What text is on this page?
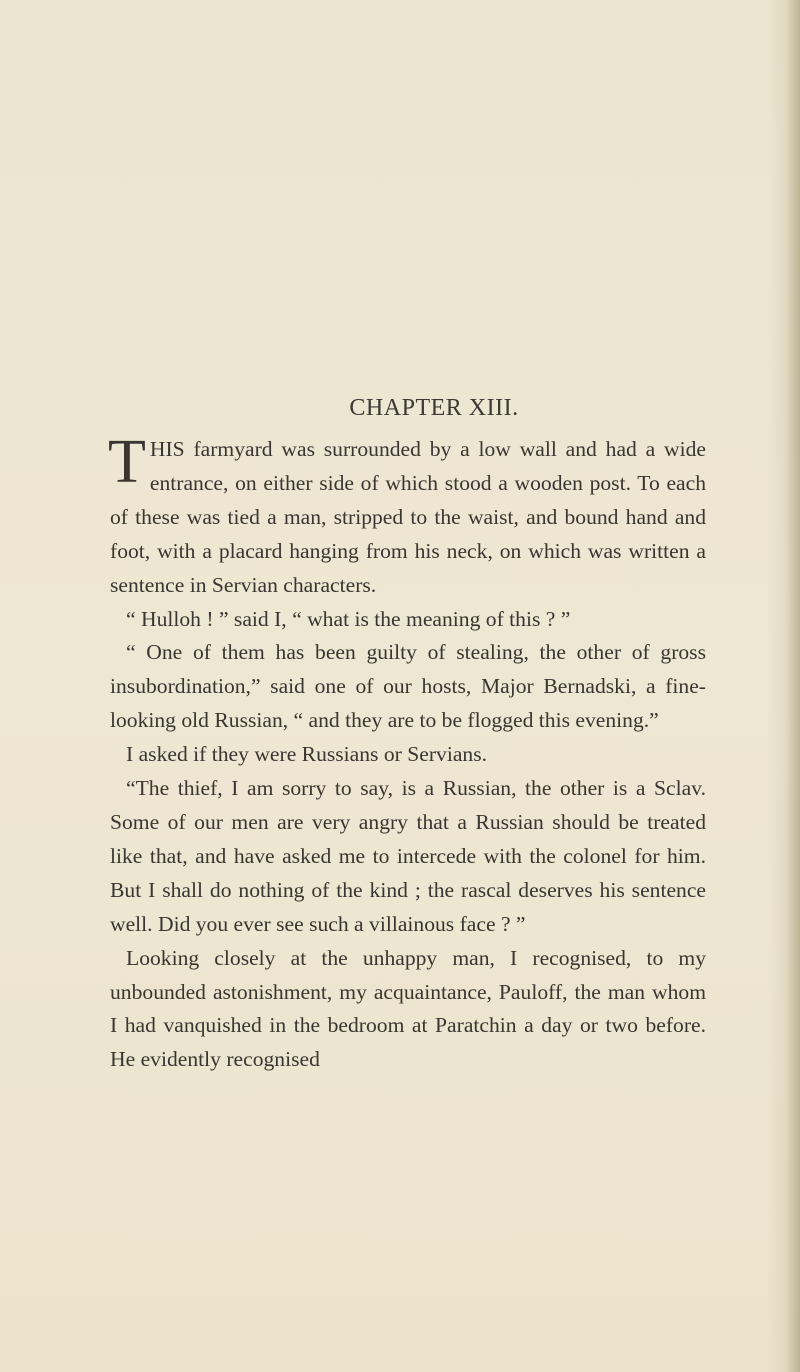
CHAPTER XIII.

THIS farmyard was surrounded by a low wall and had a wide entrance, on either side of which stood a wooden post. To each of these was tied a man, stripped to the waist, and bound hand and foot, with a placard hanging from his neck, on which was written a sentence in Servian characters.

“ Hulloh ! ” said I, “ what is the meaning of this ? ”

“ One of them has been guilty of stealing, the other of gross insubordination,” said one of our hosts, Major Bernadski, a fine-looking old Russian, “ and they are to be flogged this evening.”

I asked if they were Russians or Servians.

“The thief, I am sorry to say, is a Russian, the other is a Sclav. Some of our men are very angry that a Russian should be treated like that, and have asked me to intercede with the colonel for him. But I shall do nothing of the kind ; the rascal deserves his sentence well. Did you ever see such a villainous face ? ”

Looking closely at the unhappy man, I recognised, to my unbounded astonishment, my acquaintance, Pauloff, the man whom I had vanquished in the bedroom at Paratchin a day or two before. He evidently recognised
